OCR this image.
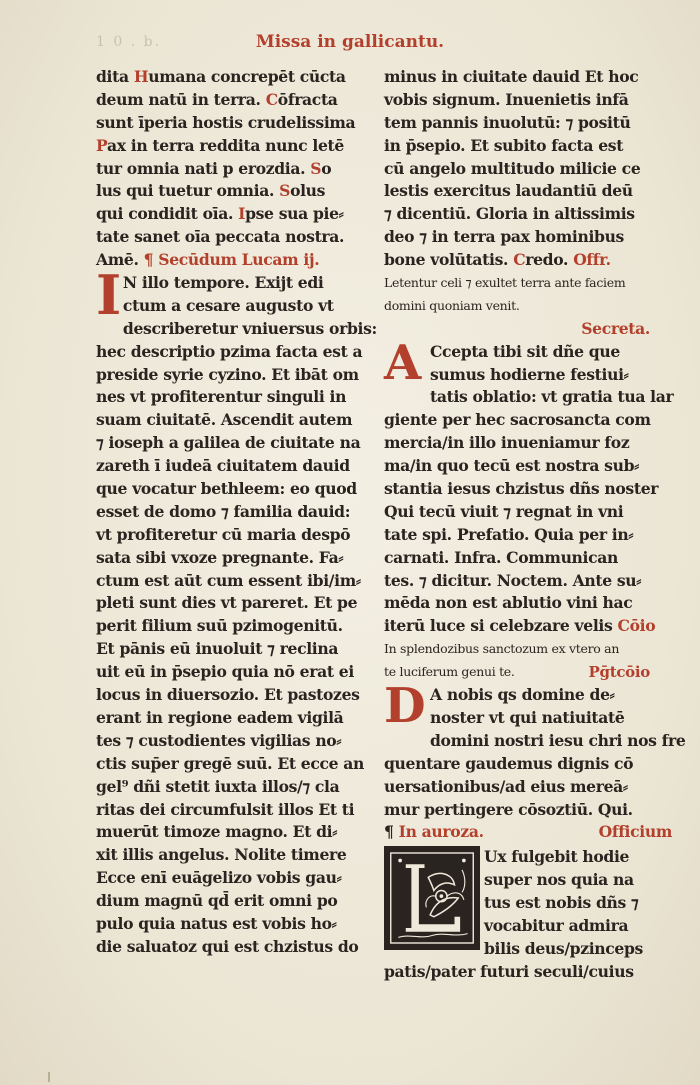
1 0 . b.	Missa in gallicantu.
dita Humana concrepēt cūcta
deum natū in terra. Cōfracta
sunt īperia hostis crudelissima
Pax in terra reddita nunc letē
tur omnia nati p erozdia. So
lus qui tuetur omnia. Solus
qui condidit oīa. Ipse sua pie⸗
tate sanet oīa peccata nostra.
Amē. ¶ Secūdum Lucam ij.
I N illo tempore. Exijt edi
ctum a cesare augusto vt
describeretur vniuersus orbis:
hec descriptio pzima facta est a
preside syrie cyzino. Et ibāt om
nes vt profiterentur singuli in
suam ciuitatē. Ascendit autem
⁊ ioseph a galilea de ciuitate na
zareth ī iudeā ciuitatem dauid
que vocatur bethleem: eo quod
esset de domo ⁊ familia dauid:
vt profiteretur cū maria despō
sata sibi vxoze pregnante. Fa⸗
ctum est aūt cum essent ibi/im⸗
pleti sunt dies vt pareret. Et pe
perit filium suū pzimogenitū.
Et pānis eū inuoluit ⁊ reclina
uit eū in p̄sepio quia nō erat ei
locus in diuersozio. Et pastozes
erant in regione eadem vigilā
tes ⁊ custodientes vigilias no⸗
ctis sup̄er gregē suū. Et ecce an
gel⁹ dñi stetit iuxta illos/⁊ cla
ritas dei circumfulsit illos Et ti
muerūt timoze magno. Et di⸗
xit illis angelus. Nolite timere
Ecce enī euāgelizo vobis gau⸗
dium magnū qd̄ erit omni po
pulo quia natus est vobis ho⸗
die saluatoz qui est chzistus do
minus in ciuitate dauid Et hoc
vobis signum. Inuenietis infā
tem pannis inuolutū: ⁊ positū
in p̄sepio. Et subito facta est
cū angelo multitudo milicie ce
lestis exercitus laudantiū deū
⁊ dicentiū. Gloria in altissimis
deo ⁊ in terra pax hominibus
bone volūtatis. Credo. Offr.
Letentur celi ⁊ exultet terra ante faciem
domini quoniam venit.
Secreta.
A Ccepta tibi sit dñe que
sumus hodierne festiui⸗
tatis oblatio: vt gratia tua lar
giente per hec sacrosancta com
mercia/in illo inueniamur foz
ma/in quo tecū est nostra sub⸗
stantia iesus chzistus dñs noster
Qui tecū viuit ⁊ regnat in vni
tate spi. Prefatio. Quia per in⸗
carnati. Infra. Communican
tes. ⁊ dicitur. Noctem. Ante su⸗
mēda non est ablutio vini hac
iterū luce si celebzare velis Cōio
In splendozibus sanctozum ex vtero an
te luciferum genui te.	Pḡtcōio
D A nobis qs domine de⸗
noster vt qui natiuitatē
domini nostri iesu chri nos fre
quentare gaudemus dignis cō
uersationibus/ad eius mereā⸗
mur pertingere cōsoztiū. Qui.
¶ In auroza.	Officium
Ux fulgebit hodie
super nos quia na
tus est nobis dñs ⁊
vocabitur admira
bilis deus/pzinceps
patis/pater futuri seculi/cuius
